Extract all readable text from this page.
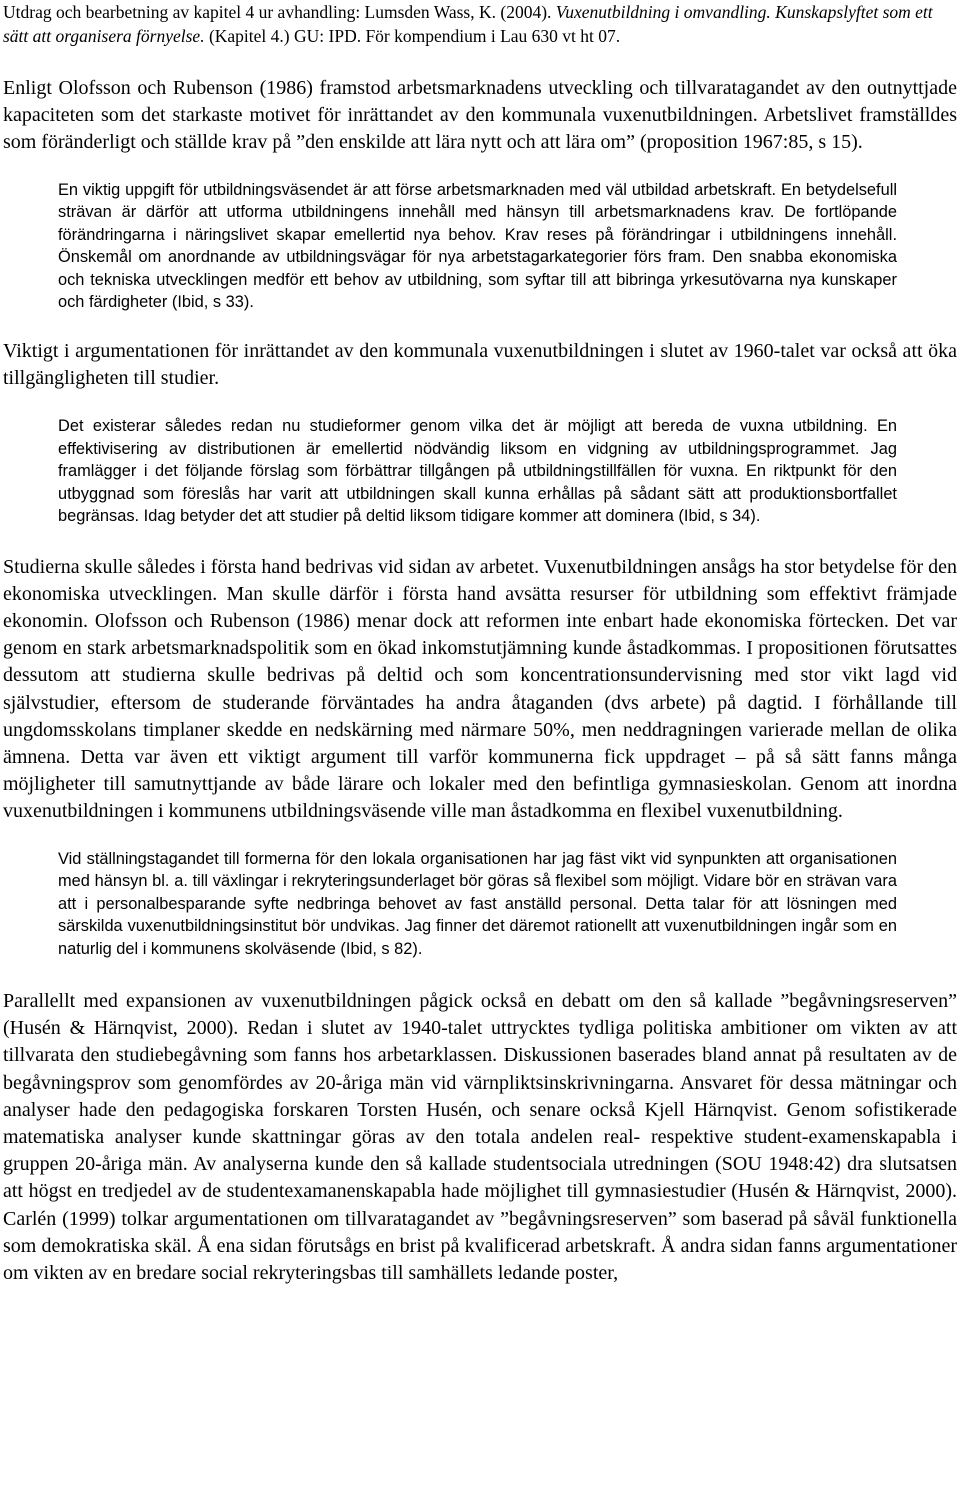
Utdrag och bearbetning av kapitel 4 ur avhandling: Lumsden Wass, K. (2004). Vuxenutbildning i omvandling. Kunskapslyftet som ett sätt att organisera förnyelse. (Kapitel 4.) GU: IPD. För kompendium i Lau 630 vt ht 07.

Enligt Olofsson och Rubenson (1986) framstod arbetsmarknadens utveckling och tillvaratagandet av den outnyttjade kapaciteten som det starkaste motivet för inrättandet av den kommunala vuxenutbildningen. Arbetslivet framställdes som föränderligt och ställde krav på ”den enskilde att lära nytt och att lära om” (proposition 1967:85, s 15).

En viktig uppgift för utbildningsväsendet är att förse arbetsmarknaden med väl utbildad arbetskraft. En betydelsefull strävan är därför att utforma utbildningens innehåll med hänsyn till arbetsmarknadens krav. De fortlöpande förändringarna i näringslivet skapar emellertid nya behov. Krav reses på förändringar i utbildningens innehåll. Önskemål om anordnande av utbildningsvägar för nya arbetstagarkategorier förs fram. Den snabba ekonomiska och tekniska utvecklingen medför ett behov av utbildning, som syftar till att bibringa yrkesutövarna nya kunskaper och färdigheter (Ibid, s 33).

Viktigt i argumentationen för inrättandet av den kommunala vuxenutbildningen i slutet av 1960-talet var också att öka tillgängligheten till studier.

Det existerar således redan nu studieformer genom vilka det är möjligt att bereda de vuxna utbildning. En effektivisering av distributionen är emellertid nödvändig liksom en vidgning av utbildningsprogrammet. Jag framlägger i det följande förslag som förbättrar tillgången på utbildningstillfällen för vuxna. En riktpunkt för den utbyggnad som föreslås har varit att utbildningen skall kunna erhållas på sådant sätt att produktionsbortfallet begränsas. Idag betyder det att studier på deltid liksom tidigare kommer att dominera (Ibid, s 34).

Studierna skulle således i första hand bedrivas vid sidan av arbetet. Vuxenutbildningen ansågs ha stor betydelse för den ekonomiska utvecklingen. Man skulle därför i första hand avsätta resurser för utbildning som effektivt främjade ekonomin. Olofsson och Rubenson (1986) menar dock att reformen inte enbart hade ekonomiska förtecken. Det var genom en stark arbetsmarknadspolitik som en ökad inkomstutjämning kunde åstadkommas. I propositionen förutsattes dessutom att studierna skulle bedrivas på deltid och som koncentrationsundervisning med stor vikt lagd vid självstudier, eftersom de studerande förväntades ha andra åtaganden (dvs arbete) på dagtid. I förhållande till ungdomsskolans timplaner skedde en nedskärning med närmare 50%, men neddragningen varierade mellan de olika ämnena. Detta var även ett viktigt argument till varför kommunerna fick uppdraget – på så sätt fanns många möjligheter till samutnyttjande av både lärare och lokaler med den befintliga gymnasieskolan. Genom att inordna vuxenutbildningen i kommunens utbildningsväsende ville man åstadkomma en flexibel vuxenutbildning.

Vid ställningstagandet till formerna för den lokala organisationen har jag fäst vikt vid synpunkten att organisationen med hänsyn bl. a. till växlingar i rekryteringsunderlaget bör göras så flexibel som möjligt. Vidare bör en strävan vara att i personalbesparande syfte nedbringa behovet av fast anställd personal. Detta talar för att lösningen med särskilda vuxenutbildningsinstitut bör undvikas. Jag finner det däremot rationellt att vuxenutbildningen ingår som en naturlig del i kommunens skolväsende (Ibid, s 82).

Parallellt med expansionen av vuxenutbildningen pågick också en debatt om den så kallade ”begåvningsreserven” (Husén & Härnqvist, 2000). Redan i slutet av 1940-talet uttrycktes tydliga politiska ambitioner om vikten av att tillvarata den studiebegåvning som fanns hos arbetarklassen. Diskussionen baserades bland annat på resultaten av de begåvningsprov som genomfördes av 20-åriga män vid värnpliktsinskrivningarna. Ansvaret för dessa mätningar och analyser hade den pedagogiska forskaren Torsten Husén, och senare också Kjell Härnqvist. Genom sofistikerade matematiska analyser kunde skattningar göras av den totala andelen real- respektive student-examenskapabla i gruppen 20-åriga män. Av analyserna kunde den så kallade studentsociala utredningen (SOU 1948:42) dra slutsatsen att högst en tredjedel av de studentexamanenskapabla hade möjlighet till gymnasiestudier (Husén & Härnqvist, 2000). Carlén (1999) tolkar argumentationen om tillvaratagandet av ”begåvningsreserven” som baserad på såväl funktionella som demokratiska skäl. Å ena sidan förutsågs en brist på kvalificerad arbetskraft. Å andra sidan fanns argumentationer om vikten av en bredare social rekryteringsbas till samhällets ledande poster,
